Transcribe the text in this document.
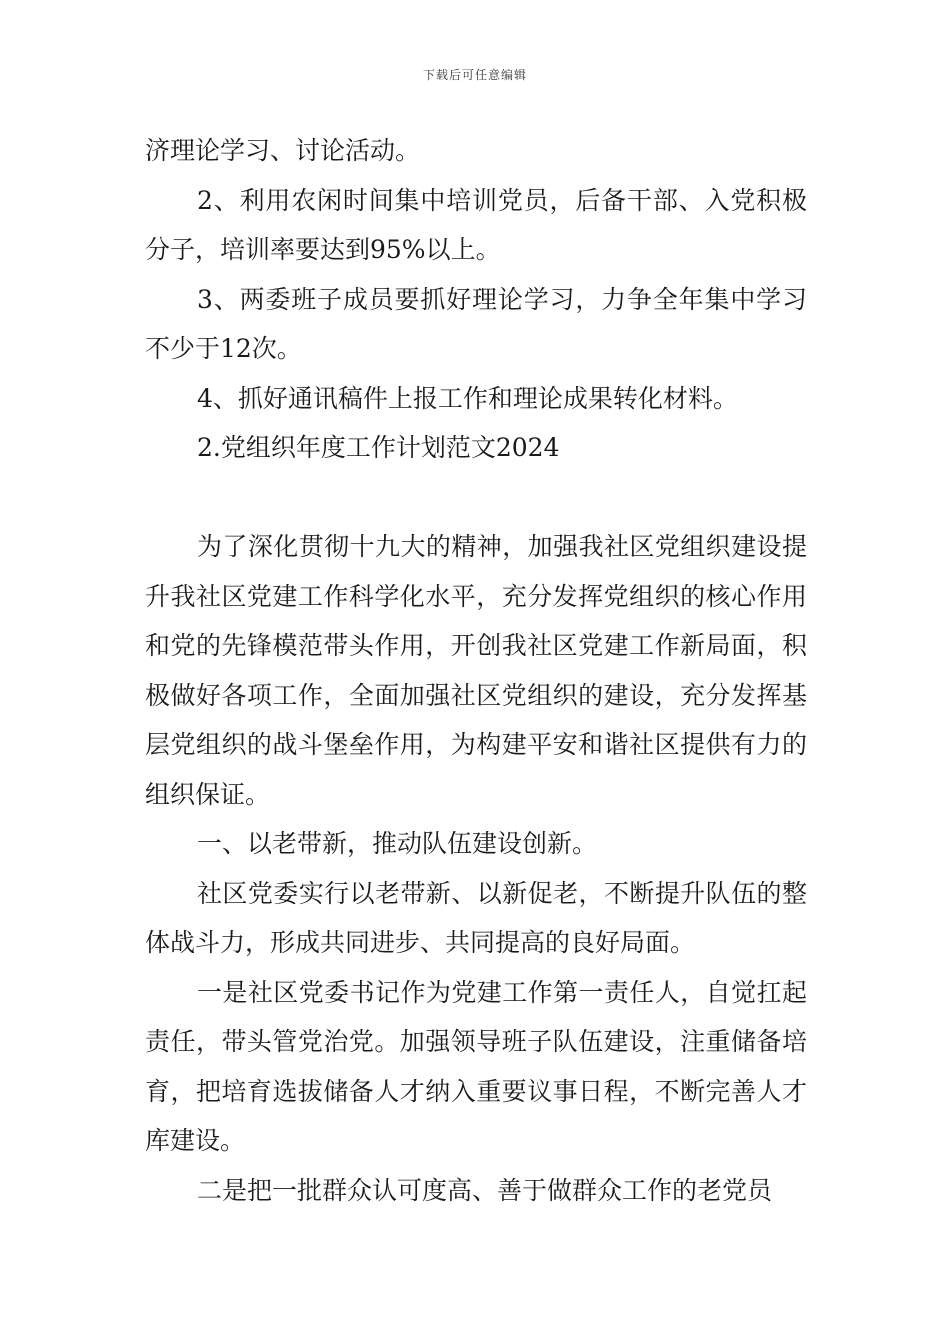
下载后可任意编辑

济理论学习、讨论活动。

2、利用农闲时间集中培训党员，后备干部、入党积极分子，培训率要达到95%以上。

3、两委班子成员要抓好理论学习，力争全年集中学习不少于12次。

4、抓好通讯稿件上报工作和理论成果转化材料。

2.党组织年度工作计划范文2024

为了深化贯彻十九大的精神，加强我社区党组织建设提升我社区党建工作科学化水平，充分发挥党组织的核心作用和党的先锋模范带头作用，开创我社区党建工作新局面，积极做好各项工作，全面加强社区党组织的建设，充分发挥基层党组织的战斗堡垒作用，为构建平安和谐社区提供有力的组织保证。

一、以老带新，推动队伍建设创新。

社区党委实行以老带新、以新促老，不断提升队伍的整体战斗力，形成共同进步、共同提高的良好局面。

一是社区党委书记作为党建工作第一责任人，自觉扛起责任，带头管党治党。加强领导班子队伍建设，注重储备培育，把培育选拔储备人才纳入重要议事日程，不断完善人才库建设。

二是把一批群众认可度高、善于做群众工作的老党员
